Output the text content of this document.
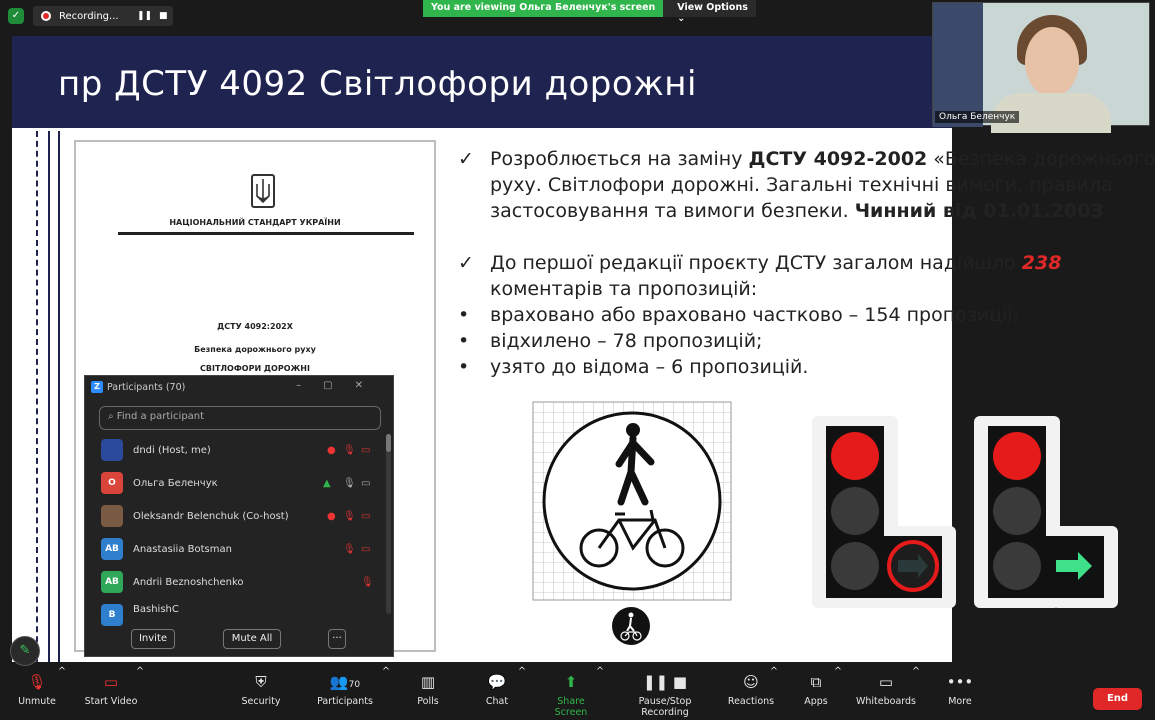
✓	Recording... ❚❚ ■
You are viewing Ольга Беленчук's screen	View Options ⌄
пр ДСТУ 4092 Світлофори дорожні
НАЦІОНАЛЬНИЙ СТАНДАРТ УКРАЇНИ
ДСТУ 4092:202Х
Безпека дорожнього руху
СВІТЛОФОРИ ДОРОЖНІ
✓ Розроблюється на заміну ДСТУ 4092-2002 «Безпека дорожнього
руху. Світлофори дорожні. Загальні технічні вимоги, правила
застосовування та вимоги безпеки. Чинний від 01.01.2003
✓ До першої редакції проєкту ДСТУ загалом надійшло 238
коментарів та пропозицій:
•	враховано або враховано частково – 154 пропозиції;
•	відхилено – 78 пропозицій;
•	узято до відома – 6 пропозицій.
Ольга Беленчук
Z Participants (70)	–▢✕
⌕ Find a participant
dndi (Host, me)	● 🎙 ▭
О	Ольга Беленчук	▲ 🎙 ▭
Oleksandr Belenchuk (Co-host)	● 🎙 ▭
AB	Anastasiia Botsman	🎙 ▭
AB	Andrii Beznoshchenko	🎙
B	BashishC
Invite	Mute All	···
✎
🎙
Unmute
^
▭
Start Video
^
⛨
Security
👥70
Participants
^
▥
Polls
💬
Chat
^
⬆
Share Screen
^
❚❚ ■
Pause/Stop Recording
☺
Reactions
^
⧉
Apps
^
▭
Whiteboards
^
•••
More	End
